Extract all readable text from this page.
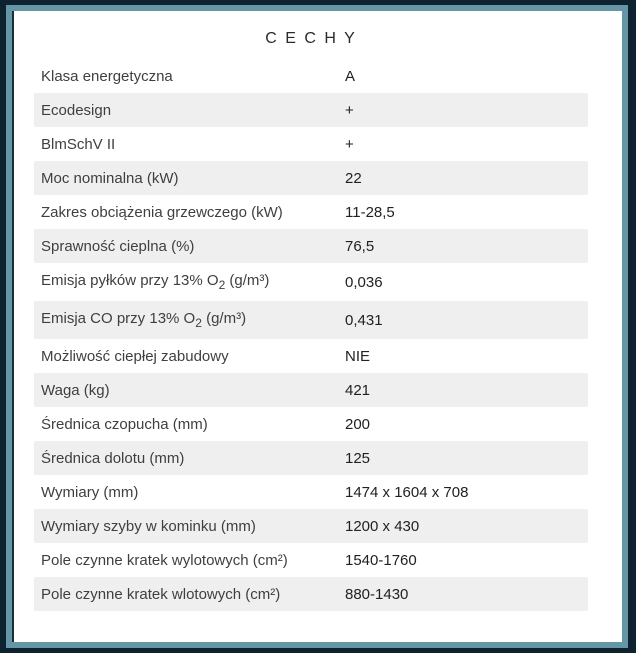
C E C H Y
Klasa energetyczna	A
Ecodesign	+
BlmSchV II	+
Moc nominalna (kW)	22
Zakres obciążenia grzewczego (kW)	11-28,5
Sprawność cieplna (%)	76,5
Emisja pyłków przy 13% $O_2$ (g/m³)	0,036
Emisja CO przy 13% $O_2$ (g/m³)	0,431
Możliwość ciepłej zabudowy	NIE
Waga (kg)	421
Średnica czopucha (mm)	200
Średnica dolotu (mm)	125
Wymiary (mm)	1474 x 1604 x 708
Wymiary szyby w kominku (mm)	1200 x 430
Pole czynne kratek wylotowych (cm²)	1540-1760
Pole czynne kratek wlotowych (cm²)	880-1430
